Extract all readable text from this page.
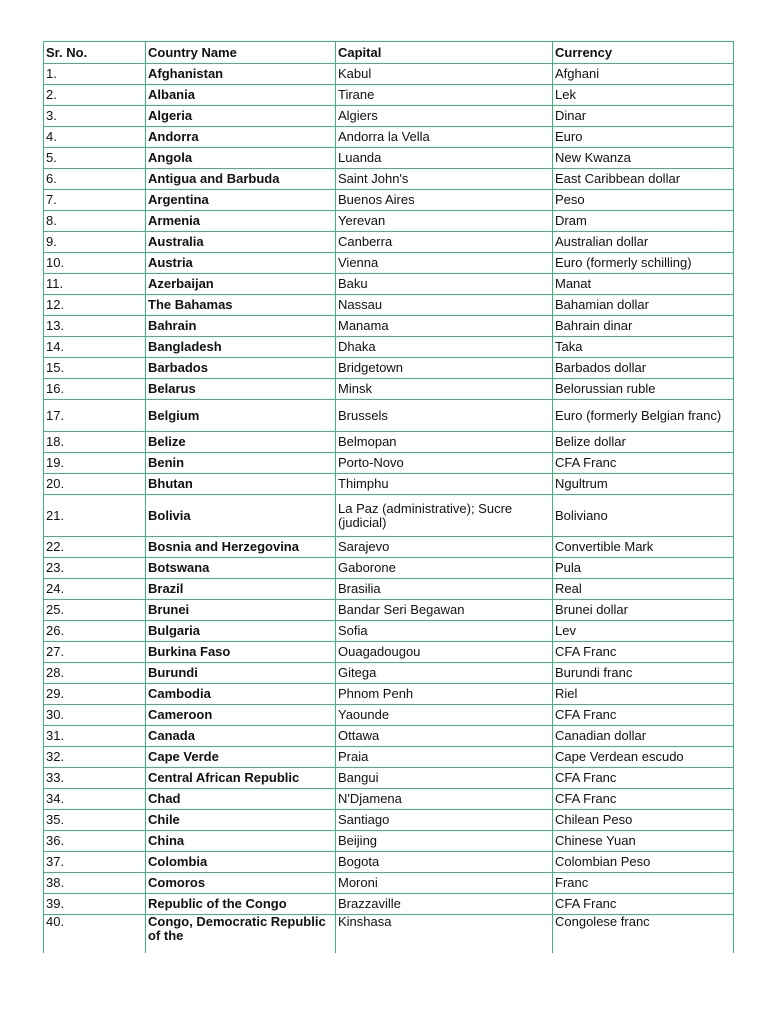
Sr. No.	Country Name	Capital	Currency
1.	Afghanistan	Kabul	Afghani
2.	Albania	Tirane	Lek
3.	Algeria	Algiers	Dinar
4.	Andorra	Andorra la Vella	Euro
5.	Angola	Luanda	New Kwanza
6.	Antigua and Barbuda	Saint John's	East Caribbean dollar
7.	Argentina	Buenos Aires	Peso
8.	Armenia	Yerevan	Dram
9.	Australia	Canberra	Australian dollar
10.	Austria	Vienna	Euro (formerly schilling)
11.	Azerbaijan	Baku	Manat
12.	The Bahamas	Nassau	Bahamian dollar
13.	Bahrain	Manama	Bahrain dinar
14.	Bangladesh	Dhaka	Taka
15.	Barbados	Bridgetown	Barbados dollar
16.	Belarus	Minsk	Belorussian ruble
17.	Belgium	Brussels	Euro (formerly Belgian franc)
18.	Belize	Belmopan	Belize dollar
19.	Benin	Porto-Novo	CFA Franc
20.	Bhutan	Thimphu	Ngultrum
21.	Bolivia	La Paz (administrative); Sucre (judicial)	Boliviano
22.	Bosnia and Herzegovina	Sarajevo	Convertible Mark
23.	Botswana	Gaborone	Pula
24.	Brazil	Brasilia	Real
25.	Brunei	Bandar Seri Begawan	Brunei dollar
26.	Bulgaria	Sofia	Lev
27.	Burkina Faso	Ouagadougou	CFA Franc
28.	Burundi	Gitega	Burundi franc
29.	Cambodia	Phnom Penh	Riel
30.	Cameroon	Yaounde	CFA Franc
31.	Canada	Ottawa	Canadian dollar
32.	Cape Verde	Praia	Cape Verdean escudo
33.	Central African Republic	Bangui	CFA Franc
34.	Chad	N'Djamena	CFA Franc
35.	Chile	Santiago	Chilean Peso
36.	China	Beijing	Chinese Yuan
37.	Colombia	Bogota	Colombian Peso
38.	Comoros	Moroni	Franc
39.	Republic of the Congo	Brazzaville	CFA Franc
40.	Congo, Democratic Republic of the	Kinshasa	Congolese franc
